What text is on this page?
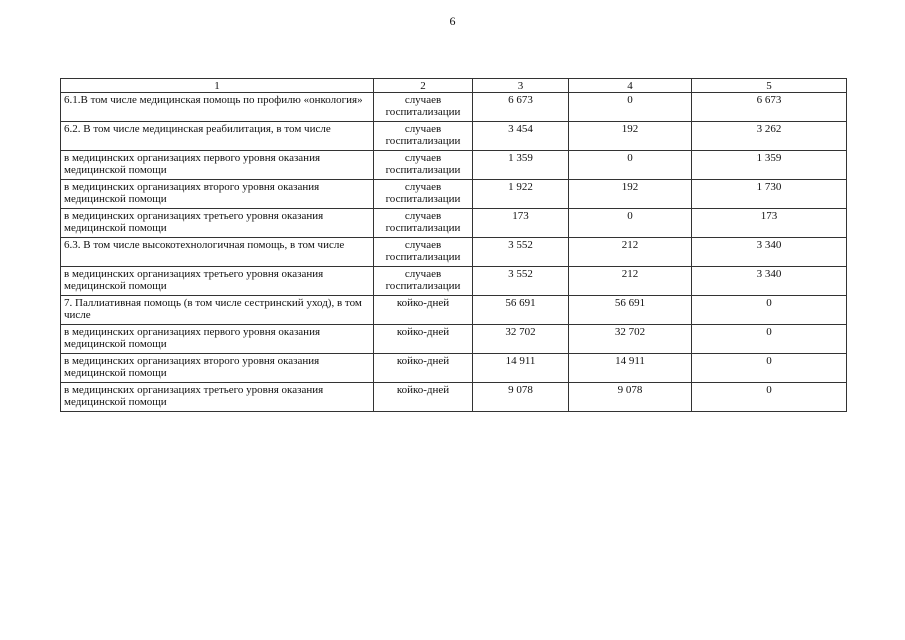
6
1	2	3	4	5
6.1.В том числе медицинская помощь по профилю «онкология»	случаев госпитализации	6 673	0	6 673
6.2. В том числе медицинская реабилитация, в том числе	случаев госпитализации	3 454	192	3 262
в медицинских организациях первого уровня оказания медицинской помощи	случаев госпитализации	1 359	0	1 359
в медицинских организациях второго уровня оказания медицинской помощи	случаев госпитализации	1 922	192	1 730
в медицинских организациях третьего уровня оказания медицинской помощи	случаев госпитализации	173	0	173
6.3. В том числе высокотехнологичная помощь, в том числе	случаев госпитализации	3 552	212	3 340
в медицинских организациях третьего уровня оказания медицинской помощи	случаев госпитализации	3 552	212	3 340
7. Паллиативная помощь (в том числе сестринский уход), в том числе	койко-дней	56 691	56 691	0
в медицинских организациях первого уровня оказания медицинской помощи	койко-дней	32 702	32 702	0
в медицинских организациях второго уровня оказания медицинской помощи	койко-дней	14 911	14 911	0
в медицинских организациях третьего уровня оказания медицинской помощи	койко-дней	9 078	9 078	0
